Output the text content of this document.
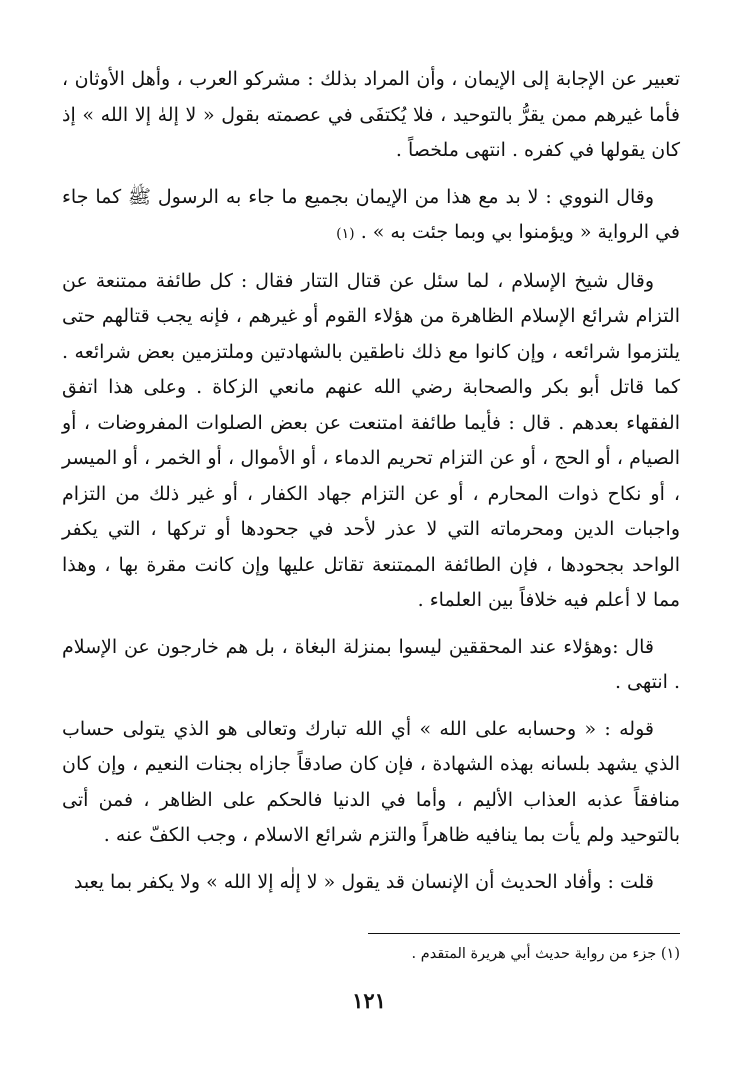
تعبير عن الإجابة إلى الإيمان ، وأن المراد بذلك : مشركو العرب ، وأهل الأوثان ، فأما غيرهم ممن يقرُّ بالتوحيد ، فلا يُكتفَى في عصمته بقول « لا إلهٰ إلا الله » إذ كان يقولها في كفره . انتهى ملخصاً .

وقال النووي : لا بد مع هذا من الإيمان بجميع ما جاء به الرسول ﷺ كما جاء في الرواية « ويؤمنوا بي وبما جئت به » . (١)

وقال شيخ الإسلام ، لما سئل عن قتال التتار فقال : كل طائفة ممتنعة عن التزام شرائع الإسلام الظاهرة من هؤلاء القوم أو غيرهم ، فإنه يجب قتالهم حتى يلتزموا شرائعه ، وإن كانوا مع ذلك ناطقين بالشهادتين وملتزمين بعض شرائعه . كما قاتل أبو بكر والصحابة رضي الله عنهم مانعي الزكاة . وعلى هذا اتفق الفقهاء بعدهم . قال : فأيما طائفة امتنعت عن بعض الصلوات المفروضات ، أو الصيام ، أو الحج ، أو عن التزام تحريم الدماء ، أو الأموال ، أو الخمر ، أو الميسر ، أو نكاح ذوات المحارم ، أو عن التزام جهاد الكفار ، أو غير ذلك من التزام واجبات الدين ومحرماته التي لا عذر لأحد في جحودها أو تركها ، التي يكفر الواحد بجحودها ، فإن الطائفة الممتنعة تقاتل عليها وإن كانت مقرة بها ، وهذا مما لا أعلم فيه خلافاً بين العلماء .

قال :وهؤلاء عند المحققين ليسوا بمنزلة البغاة ، بل هم خارجون عن الإسلام . انتهى .

قوله : « وحسابه على الله » أي الله تبارك وتعالى هو الذي يتولى حساب الذي يشهد بلسانه بهذه الشهادة ، فإن كان صادقاً جازاه بجنات النعيم ، وإن كان منافقاً عذبه العذاب الأليم ، وأما في الدنيا فالحكم على الظاهر ، فمن أتى بالتوحيد ولم يأت بما ينافيه ظاهراً والتزم شرائع الاسلام ، وجب الكفّ عنه .

قلت : وأفاد الحديث أن الإنسان قد يقول « لا إلٰه إلا الله » ولا يكفر بما يعبد

(١) جزء من رواية حديث أبي هريرة المتقدم .
١٢١
